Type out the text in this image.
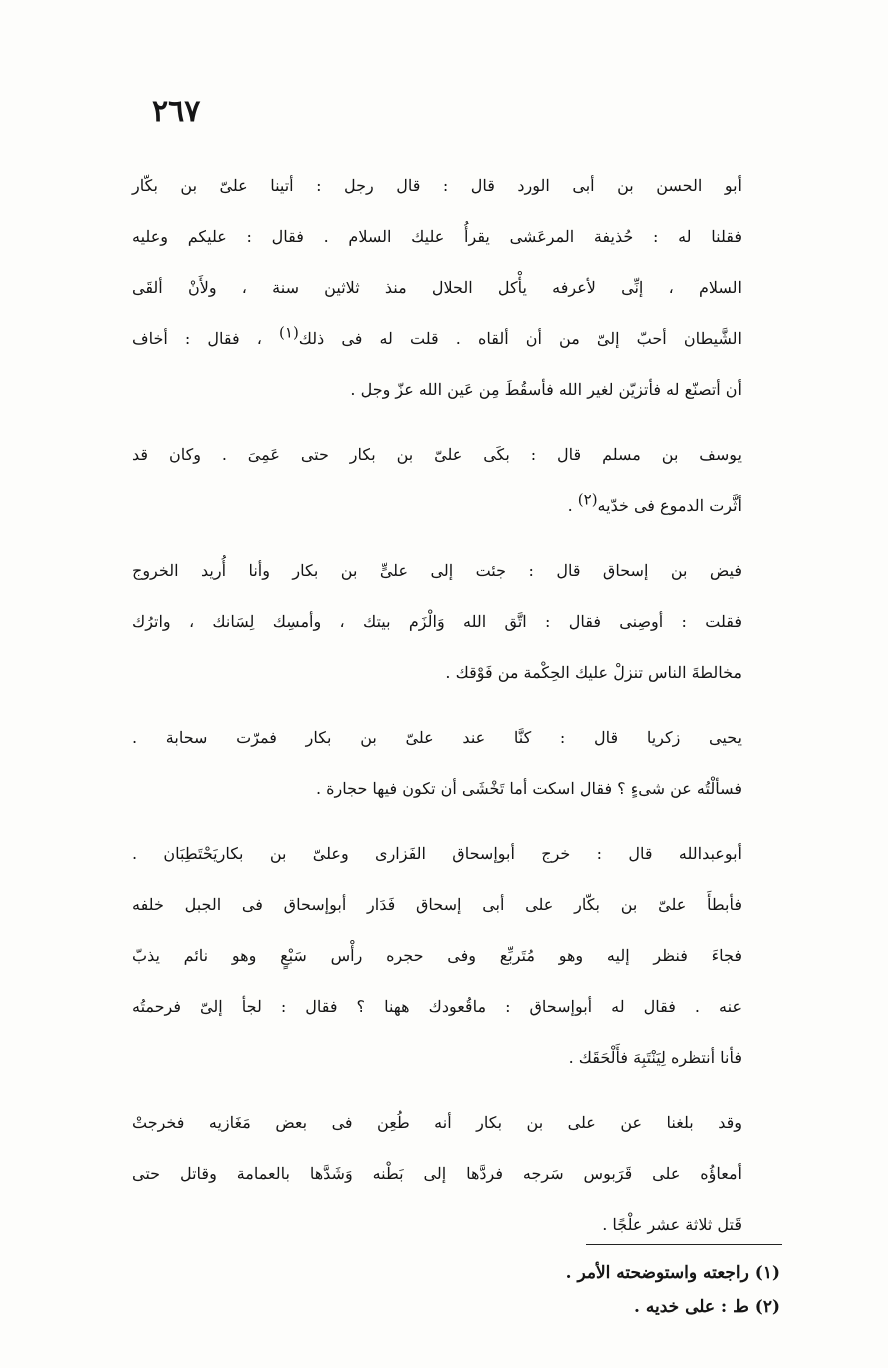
٢٦٧

أبو الحسن بن أبى الورد قال : قال رجل : أتينا علىّ بن بكّار
فقلنا له : حُذيفة المرعَشى يقرأُ عليك السلام . فقال : عليكم وعليه
السلام ، إنِّى لأعرفه يأْكل الحلال منذ ثلاثين سنة ، ولأَنْ ألقَى
الشَّيطان أحبّ إلىّ من أن ألقاه . قلت له فى ذلك(١) ، فقال : أخاف
أن أتصنّع له فأتزيّن لغير الله فأسقُطَ مِن عَين الله عزّ وجل .

يوسف بن مسلم قال : بكَى علىّ بن بكار حتى عَمِىَ . وكان قد
أثَّرت الدموع فى خدّيه(٢) .

فيض بن إسحاق قال : جئت إلى علىٍّ بن بكار وأنا أُريد الخروج
فقلت : أوصِنى فقال : اتَّق الله وَالْزَم بيتك ، وأمسِك لِسَانك ، واترُك
مخالطةَ الناس تنزلْ عليك الحِكْمة من فَوْقك .

يحيى زكريا قال : كنَّا عند علىّ بن بكار فمرّت سحابة .
فسألْتُه عن شىءٍ ؟ فقال اسكت أما تَخْشَى أن تكون فيها حجارة .

أبوعبدالله قال : خرج أبوإسحاق الفَزارى وعلىّ بن بكاريَحْتَطِبَان .
فأبطأَ علىّ بن بكّار على أبى إسحاق فَدَار أبوإسحاق فى الجبل خلفه
فجاءَ فنظر إليه وهو مُتَربِّع وفى حجره رأْس سَبْعٍ وهو نائم يذبّ
عنه . فقال له أبوإسحاق : ماقُعودك ههنا ؟ فقال : لجأ إلىّ فرحمتُه
فأنا أنتظره لِيَنْتَبِهَ فأَلْحَقَك .

وقد بلغنا عن على بن بكار أنه طُعِن فى بعض مَغَازيه فخرجتْ
أمعاؤُه على قَرَبوس سَرجه فردَّها إلى بَطْنه وَشَدَّها بالعمامة وقاتل حتى
قَتل ثلاثة عشر علْجًا .

(١) راجعته واستوضحته الأمر .
(٢) ط : على خديه .
